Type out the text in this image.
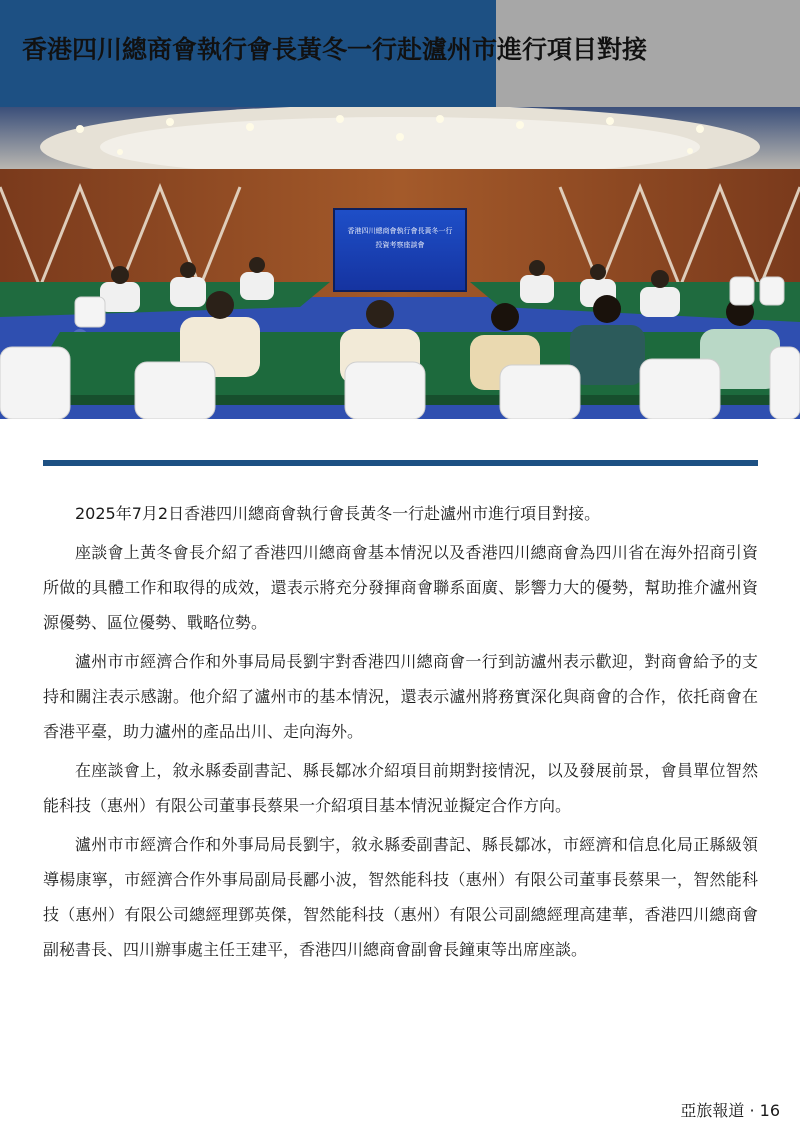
香港四川總商會執行會長黃冬一行赴瀘州市進行項目對接
香港四川總商會執行會長黃冬一行
投資考察座談會

2025年7月2日香港四川總商會執行會長黃冬一行赴瀘州市進行項目對接。

座談會上黃冬會長介紹了香港四川總商會基本情況以及香港四川總商會為四川省在海外招商引資所做的具體工作和取得的成效，還表示將充分發揮商會聯系面廣、影響力大的優勢，幫助推介瀘州資源優勢、區位優勢、戰略位勢。

瀘州市市經濟合作和外事局局長劉宇對香港四川總商會一行到訪瀘州表示歡迎，對商會給予的支持和關注表示感謝。他介紹了瀘州市的基本情況，還表示瀘州將務實深化與商會的合作，依托商會在香港平臺，助力瀘州的產品出川、走向海外。

在座談會上，敘永縣委副書記、縣長鄒冰介紹項目前期對接情況，以及發展前景，會員單位智然能科技（惠州）有限公司董事長蔡果一介紹項目基本情況並擬定合作方向。

瀘州市市經濟合作和外事局局長劉宇，敘永縣委副書記、縣長鄒冰，市經濟和信息化局正縣級領導楊康寧，市經濟合作外事局副局長酈小波，智然能科技（惠州）有限公司董事長蔡果一，智然能科技（惠州）有限公司總經理鄧英傑，智然能科技（惠州）有限公司副總經理高建華，香港四川總商會副秘書長、四川辦事處主任王建平，香港四川總商會副會長鐘東等出席座談。

亞旅報道 · 16
